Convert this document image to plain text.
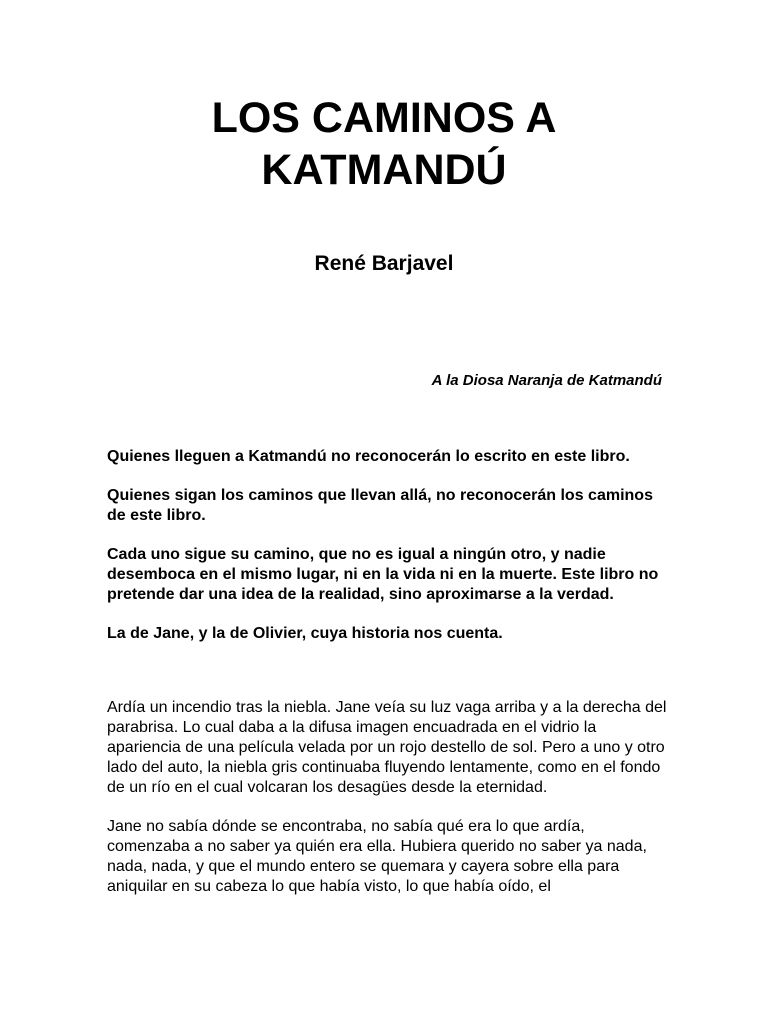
LOS CAMINOS A
KATMANDÚ
René Barjavel

A la Diosa Naranja de Katmandú

Quienes lleguen a Katmandú no reconocerán lo escrito en este libro.

Quienes sigan los caminos que llevan allá, no reconocerán los caminos de este libro.

Cada uno sigue su camino, que no es igual a ningún otro, y nadie desemboca en el mismo lugar, ni en la vida ni en la muerte. Este libro no pretende dar una idea de la realidad, sino aproximarse a la verdad.

La de Jane, y la de Olivier, cuya historia nos cuenta.

Ardía un incendio tras la niebla. Jane veía su luz vaga arriba y a la derecha del parabrisa. Lo cual daba a la difusa imagen encuadrada en el vidrio la apariencia de una película velada por un rojo destello de sol. Pero a uno y otro lado del auto, la niebla gris continuaba fluyendo lentamente, como en el fondo de un río en el cual volcaran los desagües desde la eternidad.

Jane no sabía dónde se encontraba, no sabía qué era lo que ardía, comenzaba a no saber ya quién era ella. Hubiera querido no saber ya nada, nada, nada, y que el mundo entero se quemara y cayera sobre ella para aniquilar en su cabeza lo que había visto, lo que había oído, el
